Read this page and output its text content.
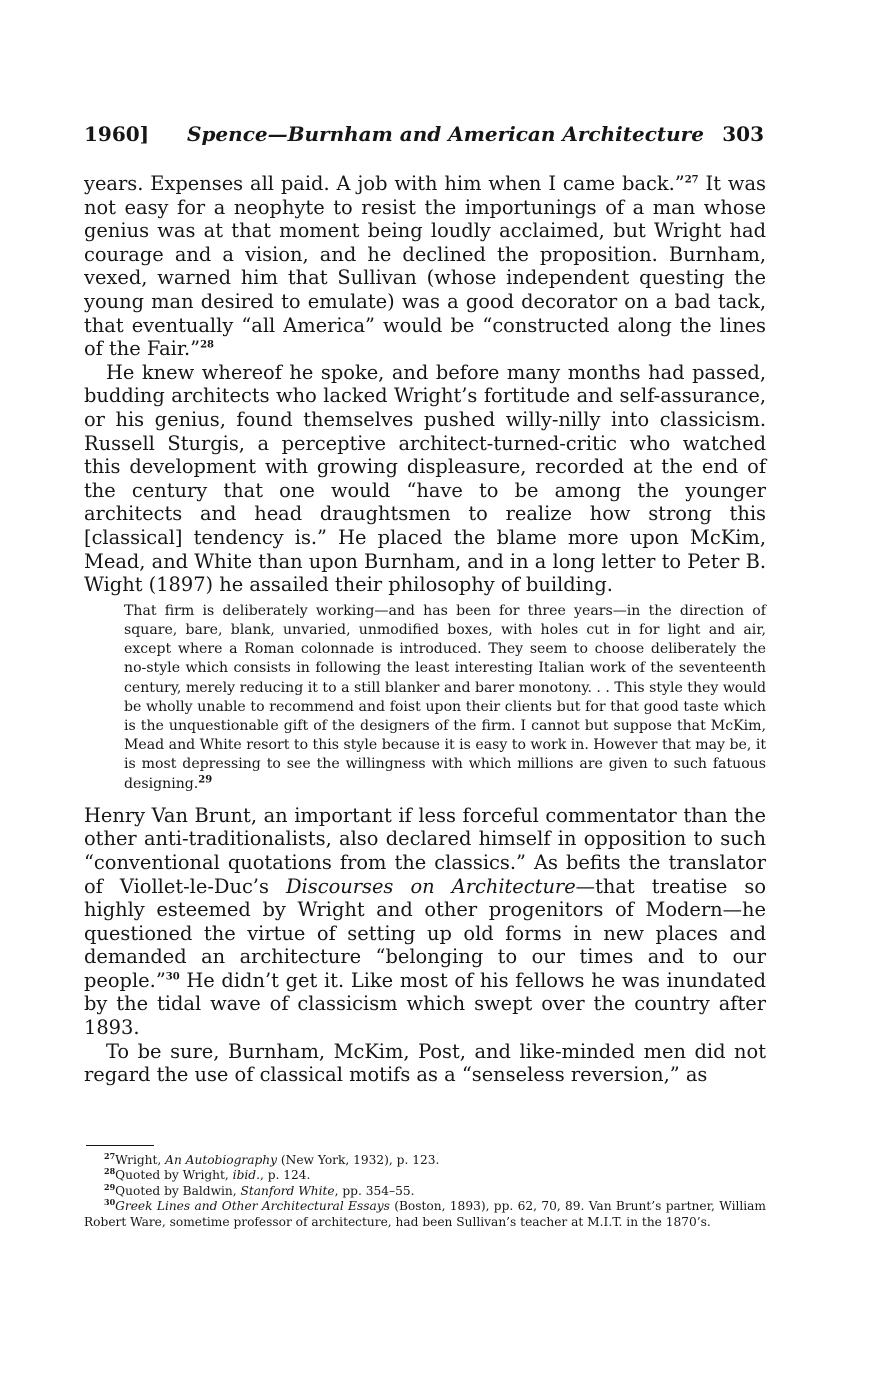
1960] Spence—Burnham and American Architecture 303

years. Expenses all paid. A job with him when I came back.”$^{27}$ It was not easy for a neophyte to resist the importunings of a man whose genius was at that moment being loudly acclaimed, but Wright had courage and a vision, and he declined the proposition. Burnham, vexed, warned him that Sullivan (whose independent questing the young man desired to emulate) was a good decorator on a bad tack, that eventually “all America” would be “constructed along the lines of the Fair.”$^{28}$

He knew whereof he spoke, and before many months had passed, budding architects who lacked Wright’s fortitude and self-assurance, or his genius, found themselves pushed willy-nilly into classicism. Russell Sturgis, a perceptive architect-turned-critic who watched this development with growing displeasure, recorded at the end of the century that one would “have to be among the younger architects and head draughtsmen to realize how strong this [classical] tendency is.” He placed the blame more upon McKim, Mead, and White than upon Burnham, and in a long letter to Peter B. Wight (1897) he assailed their philosophy of building.

That firm is deliberately working—and has been for three years—in the direction of square, bare, blank, unvaried, unmodified boxes, with holes cut in for light and air, except where a Roman colonnade is introduced. They seem to choose deliberately the no-style which consists in following the least interesting Italian work of the seventeenth century, merely reducing it to a still blanker and barer monotony. . . This style they would be wholly unable to recommend and foist upon their clients but for that good taste which is the unquestionable gift of the designers of the firm. I cannot but suppose that McKim, Mead and White resort to this style because it is easy to work in. However that may be, it is most depressing to see the willingness with which millions are given to such fatuous designing.$^{29}$

Henry Van Brunt, an important if less forceful commentator than the other anti-traditionalists, also declared himself in opposition to such “conventional quotations from the classics.” As befits the translator of Viollet-le-Duc’s Discourses on Architecture—that treatise so highly esteemed by Wright and other progenitors of Modern—he questioned the virtue of setting up old forms in new places and demanded an architecture “belonging to our times and to our people.”$^{30}$ He didn’t get it. Like most of his fellows he was inundated by the tidal wave of classicism which swept over the country after 1893.

To be sure, Burnham, McKim, Post, and like-minded men did not regard the use of classical motifs as a “senseless reversion,” as

$^{27}$Wright, An Autobiography (New York, 1932), p. 123.

$^{28}$Quoted by Wright, ibid., p. 124.

$^{29}$Quoted by Baldwin, Stanford White, pp. 354–55.

$^{30}$Greek Lines and Other Architectural Essays (Boston, 1893), pp. 62, 70, 89. Van Brunt’s partner, William Robert Ware, sometime professor of architecture, had been Sullivan’s teacher at M.I.T. in the 1870’s.
